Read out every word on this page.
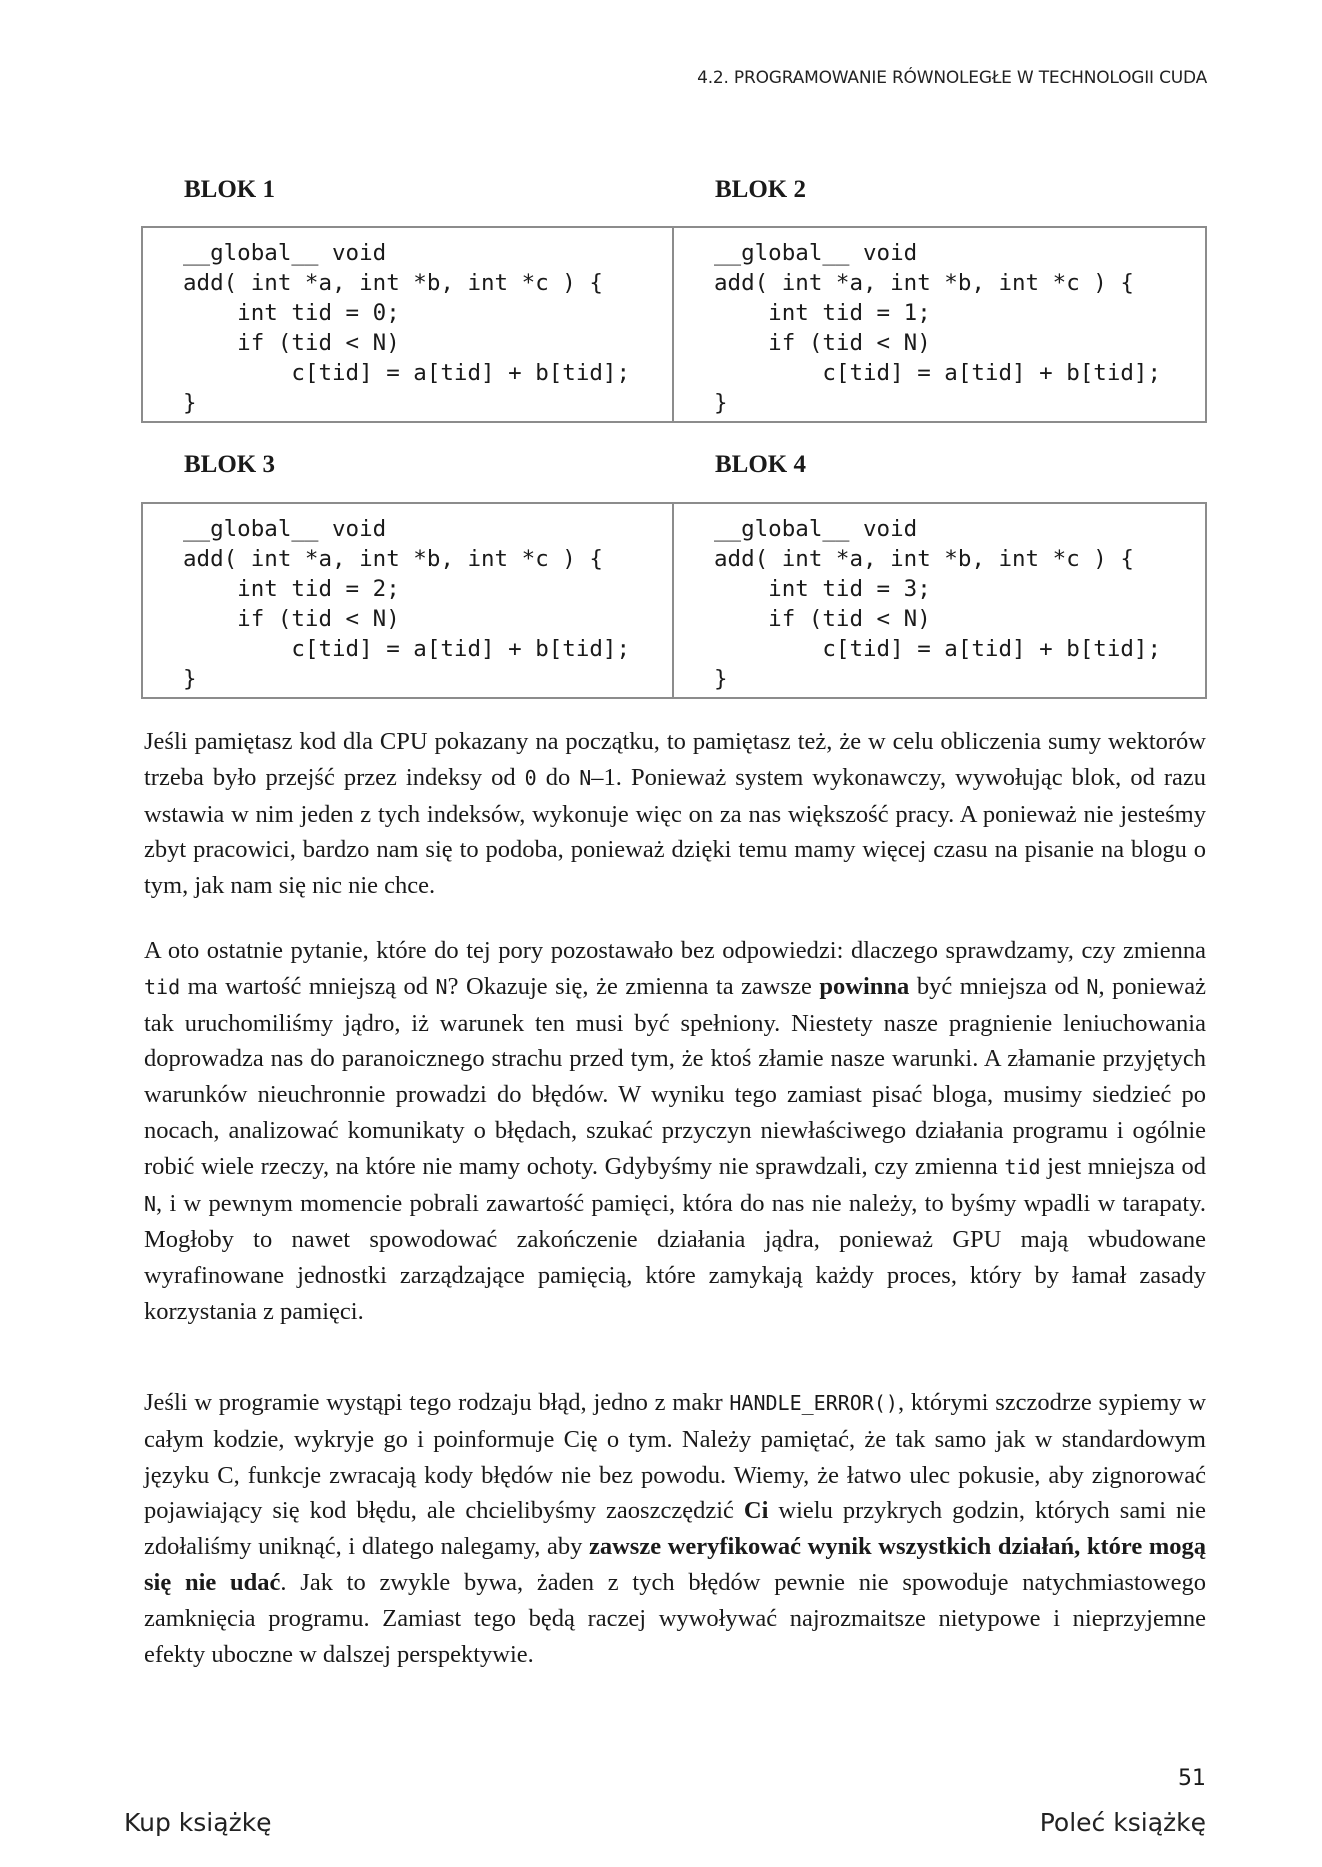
4.2. PROGRAMOWANIE RÓWNOLEGŁE W TECHNOLOGII CUDA
BLOK 1	BLOK 2
__global__ void
add( int *a, int *b, int *c ) {
int tid = 0;
if (tid < N)
c[tid] = a[tid] + b[tid];
}
__global__ void
add( int *a, int *b, int *c ) {
int tid = 1;
if (tid < N)
c[tid] = a[tid] + b[tid];
}
BLOK 3	BLOK 4
__global__ void
add( int *a, int *b, int *c ) {
int tid = 2;
if (tid < N)
c[tid] = a[tid] + b[tid];
}
__global__ void
add( int *a, int *b, int *c ) {
int tid = 3;
if (tid < N)
c[tid] = a[tid] + b[tid];
}

Jeśli pamiętasz kod dla CPU pokazany na początku, to pamiętasz też, że w celu obliczenia sumy wektorów trzeba było przejść przez indeksy od 0 do N–1. Ponieważ system wykonawczy, wywołując blok, od razu wstawia w nim jeden z tych indeksów, wykonuje więc on za nas większość pracy. A ponieważ nie jesteśmy zbyt pracowici, bardzo nam się to podoba, ponieważ dzięki temu mamy więcej czasu na pisanie na blogu o tym, jak nam się nic nie chce.

A oto ostatnie pytanie, które do tej pory pozostawało bez odpowiedzi: dlaczego sprawdzamy, czy zmienna tid ma wartość mniejszą od N? Okazuje się, że zmienna ta zawsze powinna być mniejsza od N, ponieważ tak uruchomiliśmy jądro, iż warunek ten musi być spełniony. Niestety nasze pragnienie leniuchowania doprowadza nas do paranoicznego strachu przed tym, że ktoś złamie nasze warunki. A złamanie przyjętych warunków nieuchronnie prowadzi do błędów. W wyniku tego zamiast pisać bloga, musimy siedzieć po nocach, analizować komunikaty o błędach, szukać przyczyn niewłaściwego działania programu i ogólnie robić wiele rzeczy, na które nie mamy ochoty. Gdybyśmy nie sprawdzali, czy zmienna tid jest mniejsza od N, i w pewnym momencie pobrali zawartość pamięci, która do nas nie należy, to byśmy wpadli w tarapaty. Mogłoby to nawet spowodować zakończenie działania jądra, ponieważ GPU mają wbudowane wyrafinowane jednostki zarządzające pamięcią, które zamykają każdy proces, który by łamał zasady korzystania z pamięci.

Jeśli w programie wystąpi tego rodzaju błąd, jedno z makr HANDLE_ERROR(), którymi szczodrze sypiemy w całym kodzie, wykryje go i poinformuje Cię o tym. Należy pamiętać, że tak samo jak w standardowym języku C, funkcje zwracają kody błędów nie bez powodu. Wiemy, że łatwo ulec pokusie, aby zignorować pojawiający się kod błędu, ale chcielibyśmy zaoszczędzić Ci wielu przykrych godzin, których sami nie zdołaliśmy uniknąć, i dlatego nalegamy, aby zawsze weryfikować wynik wszystkich działań, które mogą się nie udać. Jak to zwykle bywa, żaden z tych błędów pewnie nie spowoduje natychmiastowego zamknięcia programu. Zamiast tego będą raczej wywoływać najrozmaitsze nietypowe i nieprzyjemne efekty uboczne w dalszej perspektywie.

51
Kup książkę	Poleć książkę
